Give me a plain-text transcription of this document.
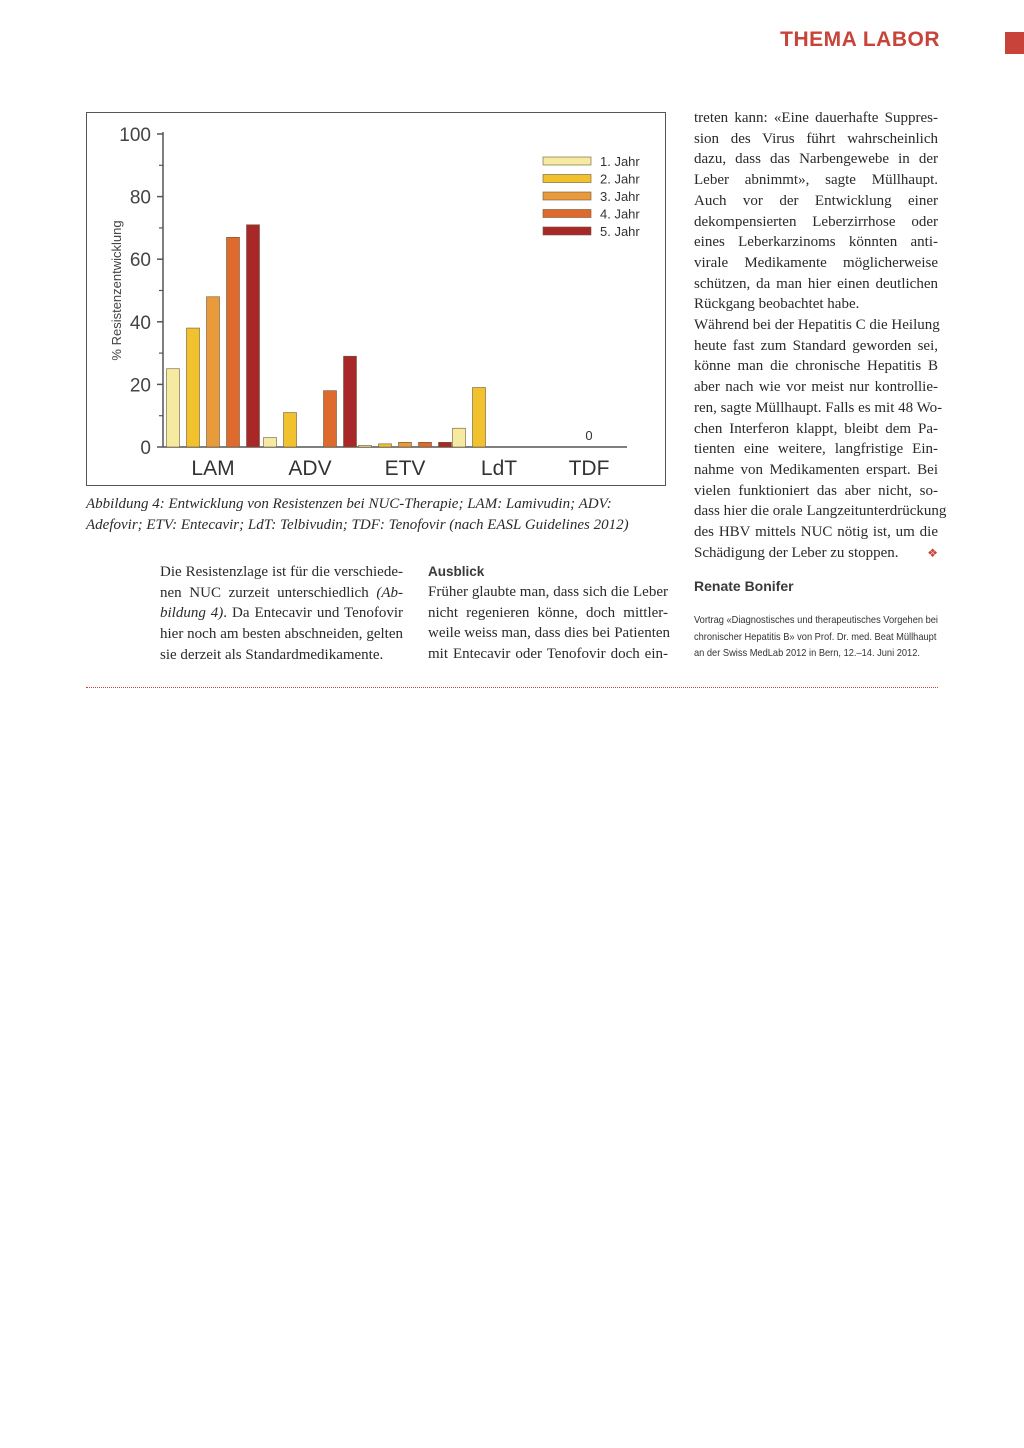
THEMA LABOR
0
20
40
60
80
100
% Resistenzentwicklung
LAM	ADV	ETV	LdT TDF
0
1. Jahr
2. Jahr
3. Jahr
4. Jahr
5. Jahr
Abbildung 4: Entwicklung von Resistenzen bei NUC-Therapie; LAM: Lamivudin; ADV:
Adefovir; ETV: Entecavir; LdT: Telbivudin; TDF: Tenofovir (nach EASL Guidelines 2012)
Die Resistenzlage ist für die verschiede-
nen NUC zurzeit unterschiedlich (Ab-
bildung 4). Da Entecavir und Tenofovir
hier noch am besten abschneiden, gelten
sie derzeit als Standardmedikamente.
Ausblick
Früher glaubte man, dass sich die Leber
nicht regenieren könne, doch mittler-
weile weiss man, dass dies bei Patienten
mit Entecavir oder Tenofovir doch ein-
treten kann: «Eine dauerhafte Suppres-
sion des Virus führt wahrscheinlich
dazu, dass das Narbengewebe in der
Leber abnimmt», sagte Müllhaupt.
Auch vor der Entwicklung einer
dekompensierten Leberzirrhose oder
eines Leberkarzinoms könnten anti-
virale Medikamente möglicherweise
schützen, da man hier einen deutlichen
Rückgang beobachtet habe.
Während bei der Hepatitis C die Heilung
heute fast zum Standard geworden sei,
könne man die chronische Hepatitis B
aber nach wie vor meist nur kontrollie-
ren, sagte Müllhaupt. Falls es mit 48 Wo-
chen Interferon klappt, bleibt dem Pa-
tienten eine weitere, langfristige Ein-
nahme von Medikamenten erspart. Bei
vielen funktioniert das aber nicht, so-
dass hier die orale Langzeitunterdrückung
des HBV mittels NUC nötig ist, um die
Schädigung der Leber zu stoppen. ❖
Renate Bonifer
Vortrag «Diagnostisches und therapeutisches Vorgehen bei
chronischer Hepatitis B» von Prof. Dr. med. Beat Müllhaupt
an der Swiss MedLab 2012 in Bern, 12.–14. Juni 2012.
